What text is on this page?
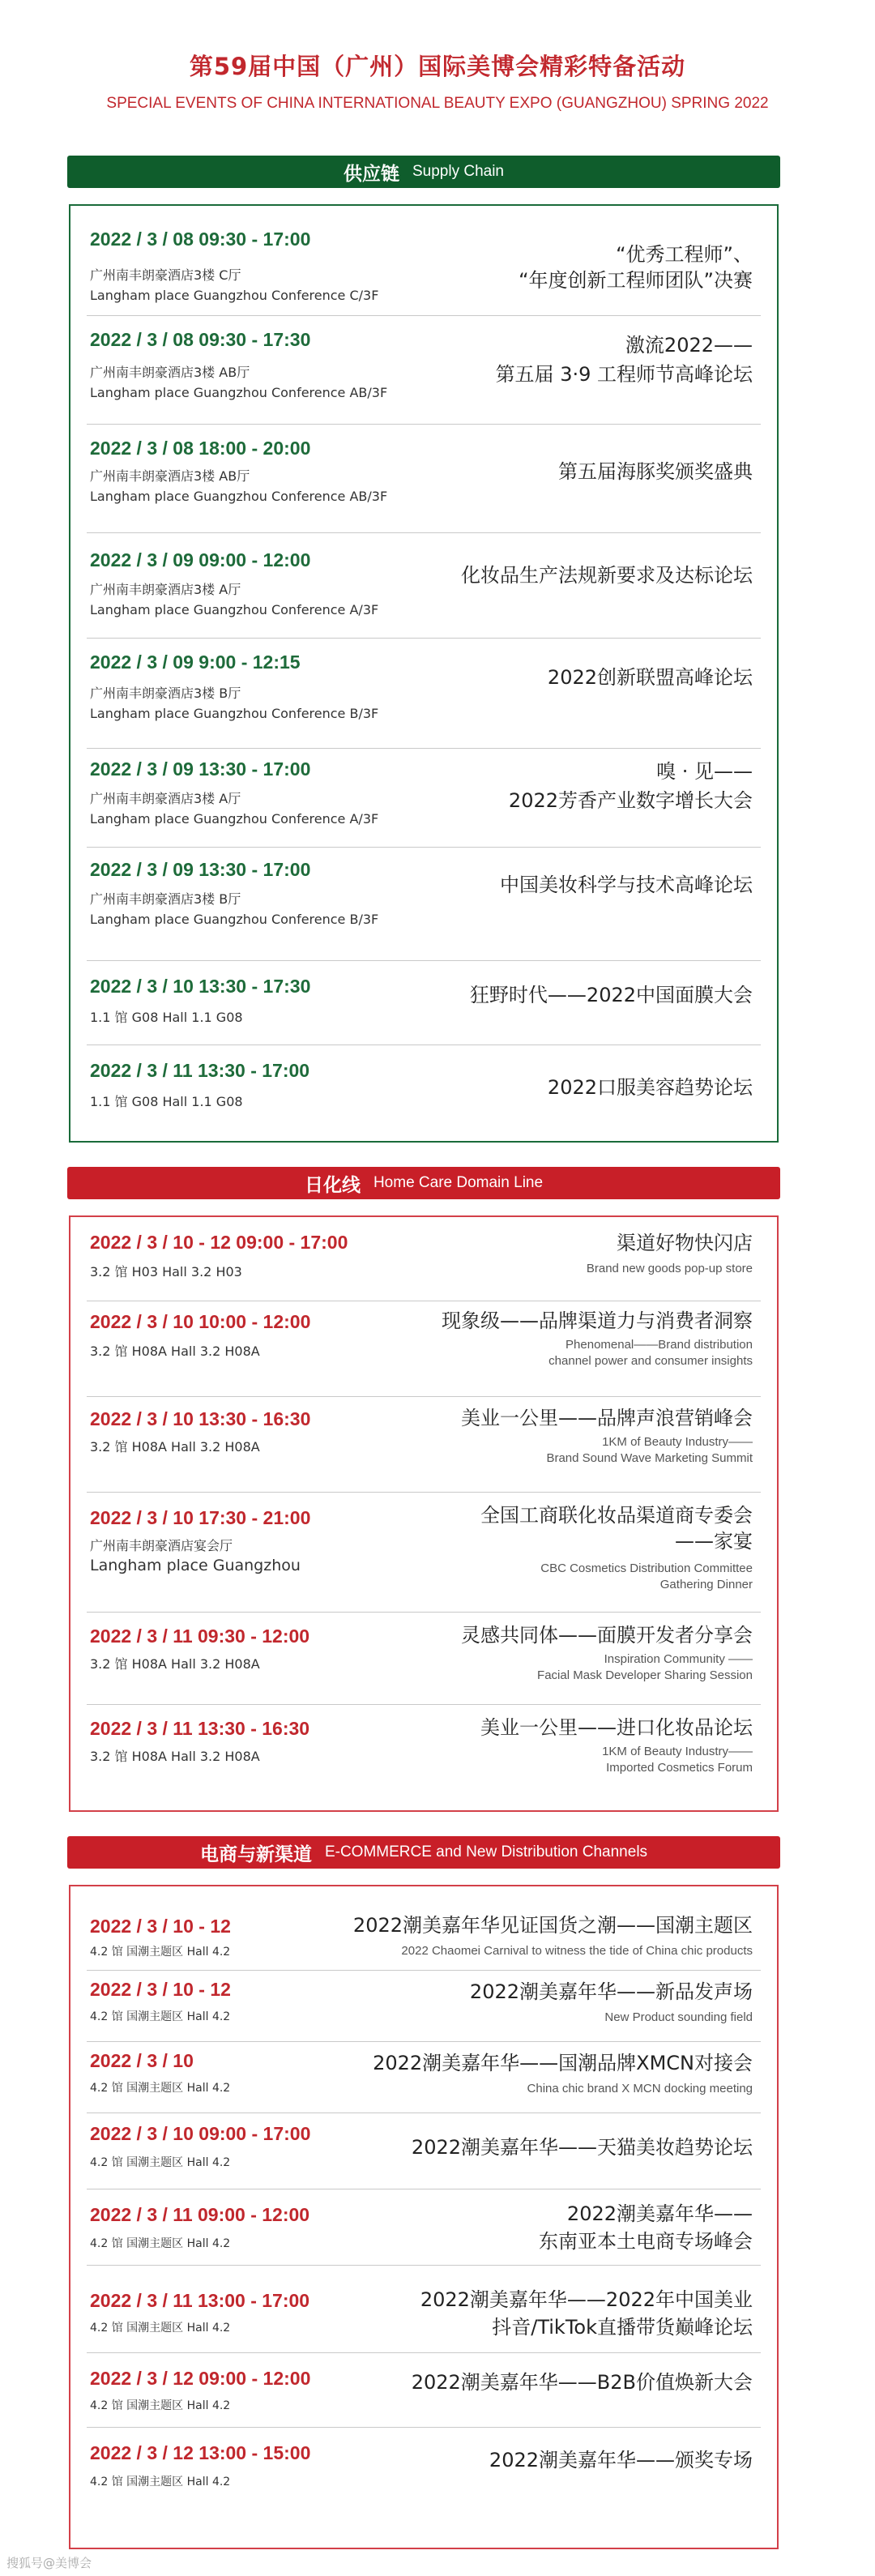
第59届中国（广州）国际美博会精彩特备活动
SPECIAL EVENTS OF CHINA INTERNATIONAL BEAUTY EXPO (GUANGZHOU) SPRING 2022
供应链 Supply Chain
2022 / 3 / 08 09:30 - 17:00
广州南丰朗豪酒店3楼 C厅
Langham place Guangzhou Conference C/3F
“优秀工程师”、
“年度创新工程师团队”决赛
2022 / 3 / 08 09:30 - 17:30
广州南丰朗豪酒店3楼 AB厅
Langham place Guangzhou Conference AB/3F
激流2022——
第五届 3·9 工程师节高峰论坛
2022 / 3 / 08 18:00 - 20:00
广州南丰朗豪酒店3楼 AB厅
Langham place Guangzhou Conference AB/3F
第五届海豚奖颁奖盛典
2022 / 3 / 09 09:00 - 12:00
广州南丰朗豪酒店3楼 A厅
Langham place Guangzhou Conference A/3F
化妆品生产法规新要求及达标论坛
2022 / 3 / 09 9:00 - 12:15
广州南丰朗豪酒店3楼 B厅
Langham place Guangzhou Conference B/3F
2022创新联盟高峰论坛
2022 / 3 / 09 13:30 - 17:00
广州南丰朗豪酒店3楼 A厅
Langham place Guangzhou Conference A/3F
嗅 · 见——
2022芳香产业数字增长大会
2022 / 3 / 09 13:30 - 17:00
广州南丰朗豪酒店3楼 B厅
Langham place Guangzhou Conference B/3F
中国美妆科学与技术高峰论坛
2022 / 3 / 10 13:30 - 17:30
1.1 馆 G08 Hall 1.1 G08
狂野时代——2022中国面膜大会
2022 / 3 / 11 13:30 - 17:00
1.1 馆 G08 Hall 1.1 G08
2022口服美容趋势论坛
日化线 Home Care Domain Line
2022 / 3 / 10 - 12 09:00 - 17:00
3.2 馆 H03 Hall 3.2 H03
渠道好物快闪店
Brand new goods pop-up store
2022 / 3 / 10 10:00 - 12:00
3.2 馆 H08A Hall 3.2 H08A
现象级——品牌渠道力与消费者洞察
Phenomenal——Brand distribution
channel power and consumer insights
2022 / 3 / 10 13:30 - 16:30
3.2 馆 H08A Hall 3.2 H08A
美业一公里——品牌声浪营销峰会
1KM of Beauty Industry——
Brand Sound Wave Marketing Summit
2022 / 3 / 10 17:30 - 21:00
广州南丰朗豪酒店宴会厅
Langham place Guangzhou
全国工商联化妆品渠道商专委会
——家宴
CBC Cosmetics Distribution Committee
Gathering Dinner
2022 / 3 / 11 09:30 - 12:00
3.2 馆 H08A Hall 3.2 H08A
灵感共同体——面膜开发者分享会
Inspiration Community ——
Facial Mask Developer Sharing Session
2022 / 3 / 11 13:30 - 16:30
3.2 馆 H08A Hall 3.2 H08A
美业一公里——进口化妆品论坛
1KM of Beauty Industry——
Imported Cosmetics Forum
电商与新渠道 E-COMMERCE and New Distribution Channels
2022 / 3 / 10 - 12
4.2 馆 国潮主题区 Hall 4.2
2022潮美嘉年华见证国货之潮——国潮主题区
2022 Chaomei Carnival to witness the tide of China chic products
2022 / 3 / 10 - 12
4.2 馆 国潮主题区 Hall 4.2
2022潮美嘉年华——新品发声场
New Product sounding field
2022 / 3 / 10
4.2 馆 国潮主题区 Hall 4.2
2022潮美嘉年华——国潮品牌XMCN对接会
China chic brand X MCN docking meeting
2022 / 3 / 10 09:00 - 17:00
4.2 馆 国潮主题区 Hall 4.2
2022潮美嘉年华——天猫美妆趋势论坛
2022 / 3 / 11 09:00 - 12:00
4.2 馆 国潮主题区 Hall 4.2
2022潮美嘉年华——
东南亚本土电商专场峰会
2022 / 3 / 11 13:00 - 17:00
4.2 馆 国潮主题区 Hall 4.2
2022潮美嘉年华——2022年中国美业
抖音/TikTok直播带货巅峰论坛
2022 / 3 / 12 09:00 - 12:00
4.2 馆 国潮主题区 Hall 4.2
2022潮美嘉年华——B2B价值焕新大会
2022 / 3 / 12 13:00 - 15:00
4.2 馆 国潮主题区 Hall 4.2
2022潮美嘉年华——颁奖专场
搜狐号@美博会
